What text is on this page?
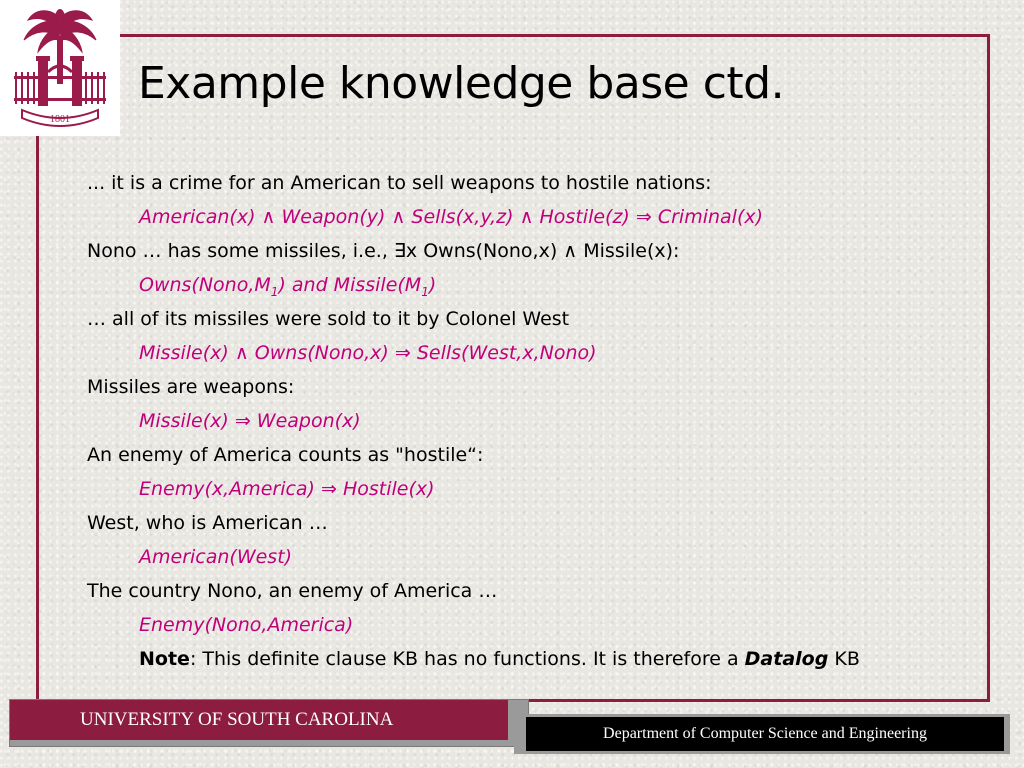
1801
Example knowledge base ctd.
... it is a crime for an American to sell weapons to hostile nations:
American(x) ∧ Weapon(y) ∧ Sells(x,y,z) ∧ Hostile(z) ⇒ Criminal(x)
Nono … has some missiles, i.e., ∃x Owns(Nono,x) ∧ Missile(x):
$Owns(Nono,M_1)$ and $Missile(M_1)$
… all of its missiles were sold to it by Colonel West
Missile(x) ∧ Owns(Nono,x) ⇒ Sells(West,x,Nono)
Missiles are weapons:
Missile(x) ⇒ Weapon(x)
An enemy of America counts as "hostile“:
Enemy(x,America) ⇒ Hostile(x)
West, who is American …
American(West)
The country Nono, an enemy of America …
Enemy(Nono,America)
Note: This definite clause KB has no functions. It is therefore a Datalog KB
UNIVERSITY OF SOUTH CAROLINA
Department of Computer Science and Engineering
